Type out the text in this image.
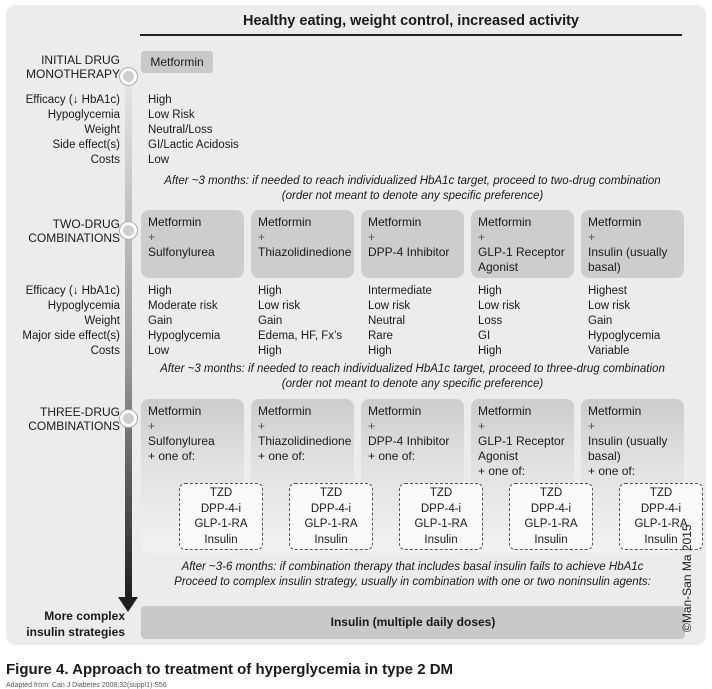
Healthy eating, weight control, increased activity
INITIAL DRUG MONOTHERAPY
TWO-DRUG COMBINATIONS
THREE-DRUG COMBINATIONS
Metformin
Efficacy (↓ HbA1c)
Hypoglycemia
Weight
Side effect(s)
Costs
High
Low Risk
Neutral/Loss
GI/Lactic Acidosis
Low
After ~3 months: if needed to reach individualized HbA1c target, proceed to two-drug combination
(order not meant to denote any specific preference)
Metformin
+
Sulfonylurea
Metformin
+
Thiazolidinedione
Metformin
+
DPP-4 Inhibitor
Metformin
+
GLP-1 Receptor
Agonist
Metformin
+
Insulin (usually
basal)
Efficacy (↓ HbA1c)
Hypoglycemia
Weight
Major side effect(s)
Costs
High
Moderate risk
Gain
Hypoglycemia
Low
High
Low risk
Gain
Edema, HF, Fx’s
High
Intermediate
Low risk
Neutral
Rare
High
High
Low risk
Loss
GI
High
Highest
Low risk
Gain
Hypoglycemia
Variable
After ~3 months: if needed to reach individualized HbA1c target, proceed to three-drug combination
(order not meant to denote any specific preference)
Metformin
+
Sulfonylurea
+ one of:
Metformin
+
Thiazolidinedione
+ one of:
Metformin
+
DPP-4 Inhibitor
+ one of:
Metformin
+
GLP-1 Receptor
Agonist
+ one of:
Metformin
+
Insulin (usually
basal)
+ one of:
TZD
DPP-4-i
GLP-1-RA
Insulin
TZD
DPP-4-i
GLP-1-RA
Insulin
TZD
DPP-4-i
GLP-1-RA
Insulin
TZD
DPP-4-i
GLP-1-RA
Insulin
TZD
DPP-4-i
GLP-1-RA
Insulin
After ~3-6 months: if combination therapy that includes basal insulin fails to achieve HbA1c
Proceed to complex insulin strategy, usually in combination with one or two noninsulin agents:
More complex insulin strategies
Insulin (multiple daily doses)	©Man-San Ma 2015
Figure 4. Approach to treatment of hyperglycemia in type 2 DM
Adapted from: Can J Diabetes 2008;32(suppl1):S56
